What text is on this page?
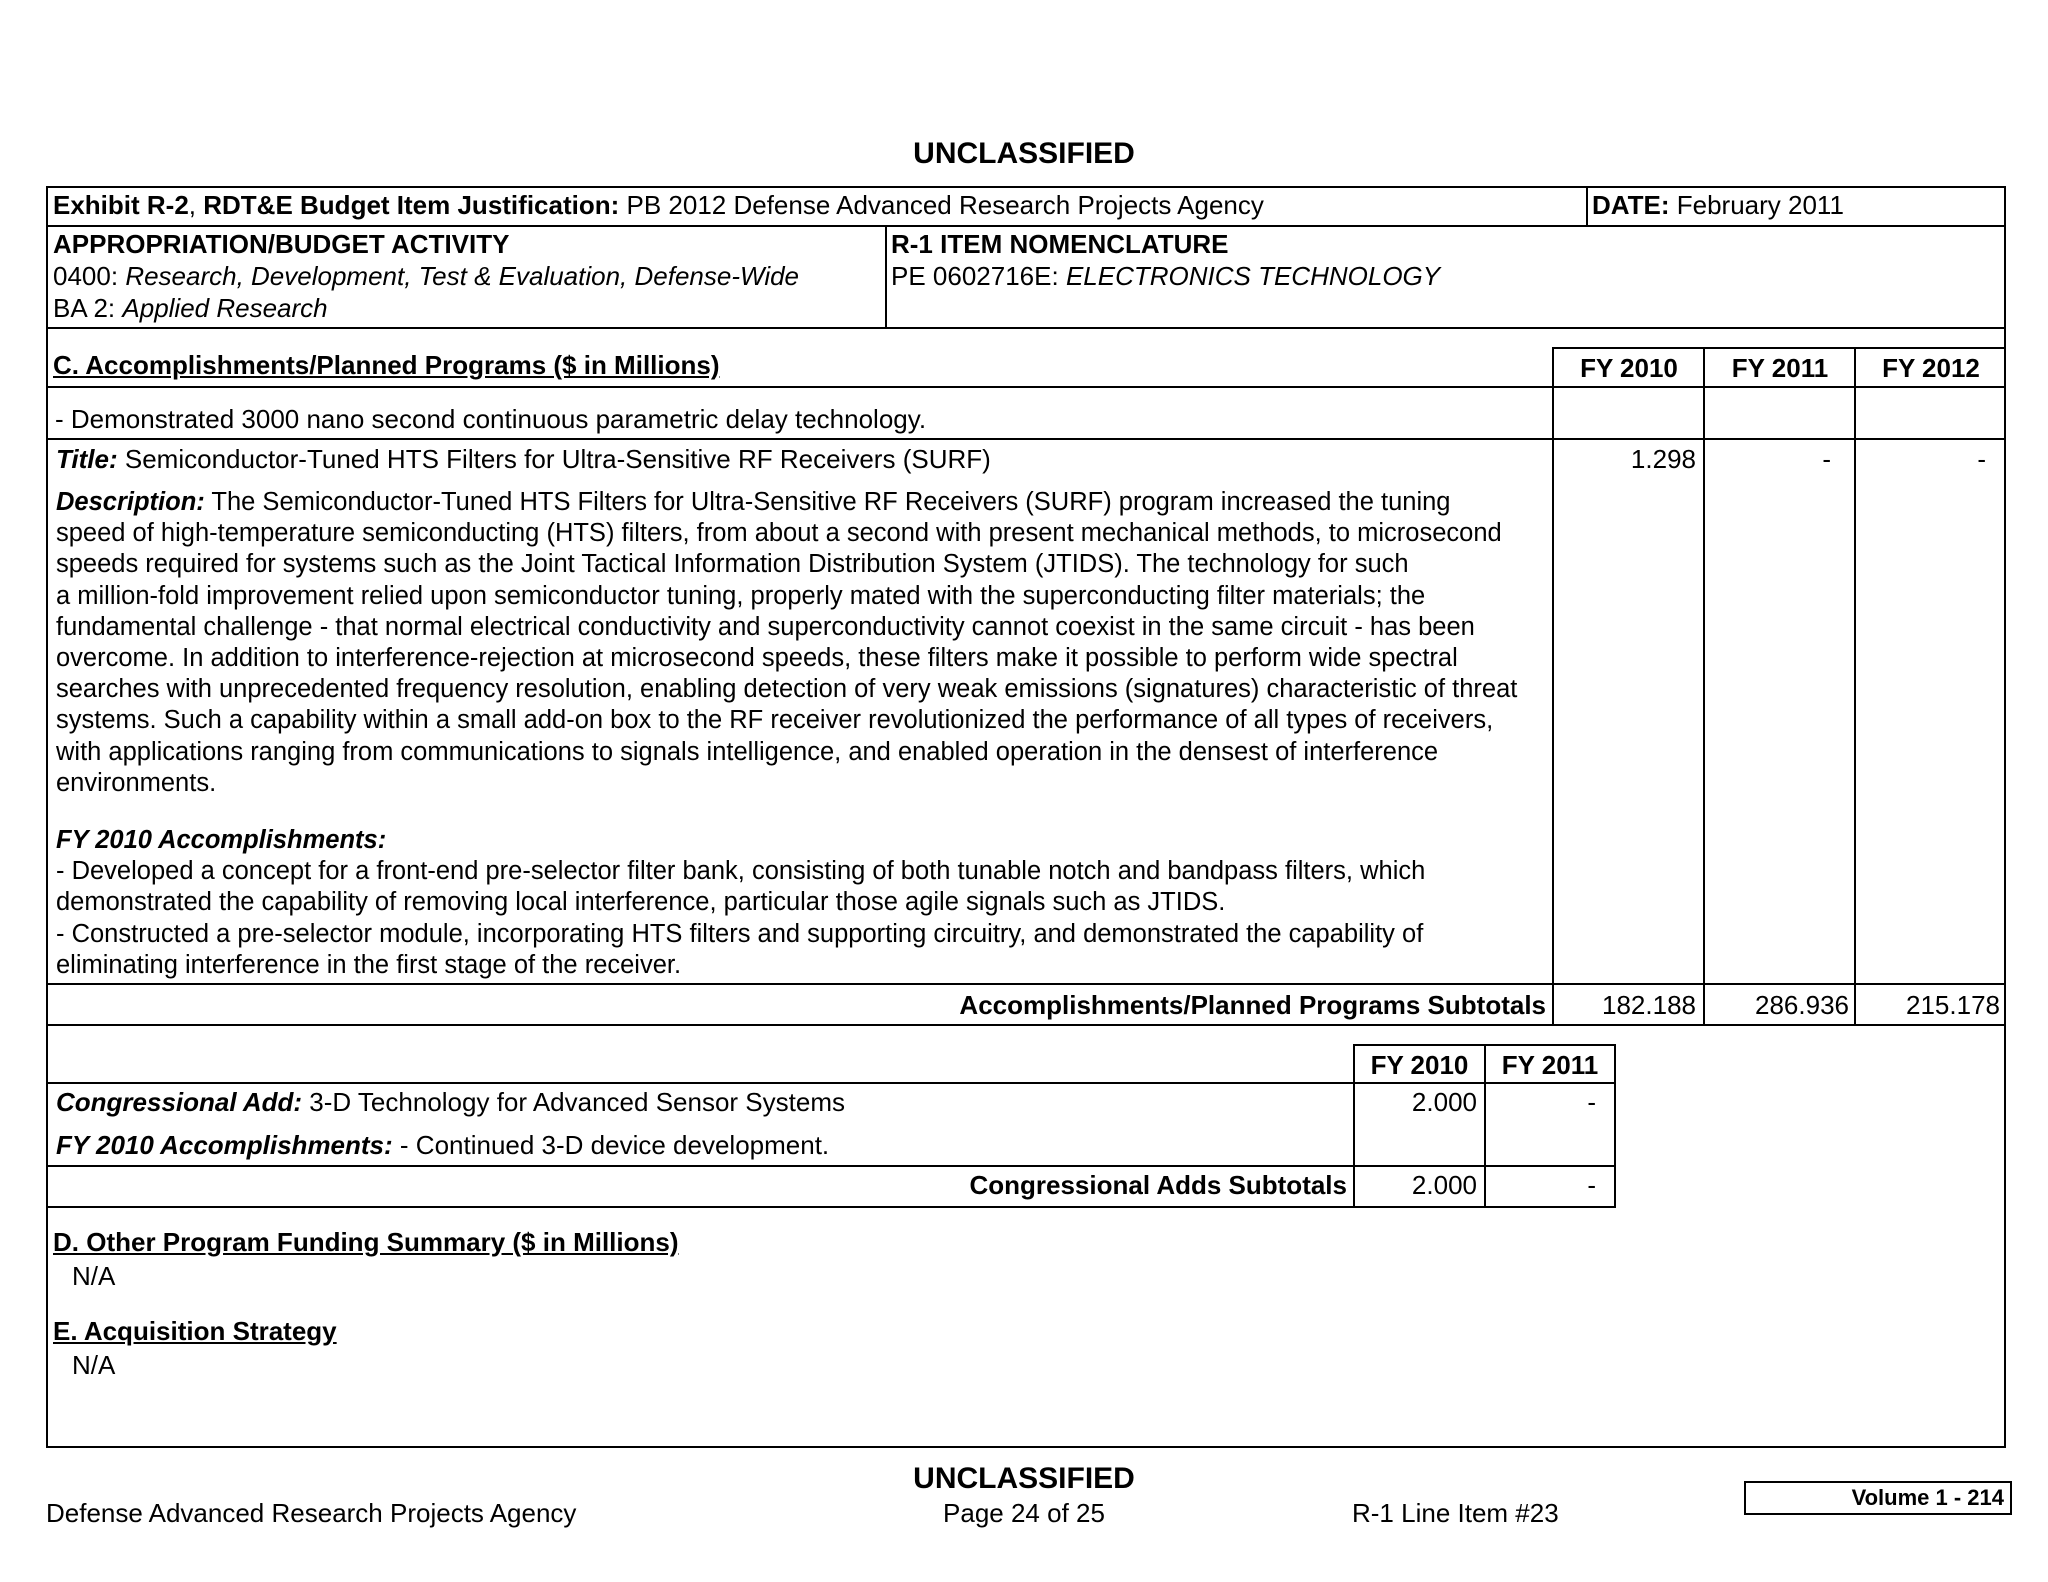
UNCLASSIFIED
Exhibit R-2, RDT&E Budget Item Justification: PB 2012 Defense Advanced Research Projects Agency	DATE: February 2011
APPROPRIATION/BUDGET ACTIVITY
0400: Research, Development, Test & Evaluation, Defense-Wide
BA 2: Applied Research
R-1 ITEM NOMENCLATURE
PE 0602716E: ELECTRONICS TECHNOLOGY
C. Accomplishments/Planned Programs ($ in Millions)	FY 2010	FY 2011	FY 2012
- Demonstrated 3000 nano second continuous parametric delay technology.
Title: Semiconductor-Tuned HTS Filters for Ultra-Sensitive RF Receivers (SURF)	1.298	-	-
Description: The Semiconductor-Tuned HTS Filters for Ultra-Sensitive RF Receivers (SURF) program increased the tuning
speed of high-temperature semiconducting (HTS) filters, from about a second with present mechanical methods, to microsecond
speeds required for systems such as the Joint Tactical Information Distribution System (JTIDS). The technology for such
a million-fold improvement relied upon semiconductor tuning, properly mated with the superconducting filter materials; the
fundamental challenge - that normal electrical conductivity and superconductivity cannot coexist in the same circuit - has been
overcome. In addition to interference-rejection at microsecond speeds, these filters make it possible to perform wide spectral
searches with unprecedented frequency resolution, enabling detection of very weak emissions (signatures) characteristic of threat
systems. Such a capability within a small add-on box to the RF receiver revolutionized the performance of all types of receivers,
with applications ranging from communications to signals intelligence, and enabled operation in the densest of interference
environments.
FY 2010 Accomplishments:
- Developed a concept for a front-end pre-selector filter bank, consisting of both tunable notch and bandpass filters, which
demonstrated the capability of removing local interference, particular those agile signals such as JTIDS.
- Constructed a pre-selector module, incorporating HTS filters and supporting circuitry, and demonstrated the capability of
eliminating interference in the first stage of the receiver.
Accomplishments/Planned Programs Subtotals	182.188	286.936	215.178
FY 2010	FY 2011
Congressional Add: 3-D Technology for Advanced Sensor Systems	2.000	-
FY 2010 Accomplishments: - Continued 3-D device development.
Congressional Adds Subtotals	2.000	-
D. Other Program Funding Summary ($ in Millions)
N/A
E. Acquisition Strategy
N/A
UNCLASSIFIED
Defense Advanced Research Projects Agency	Page 24 of 25	R-1 Line Item #23
Volume 1 - 214
